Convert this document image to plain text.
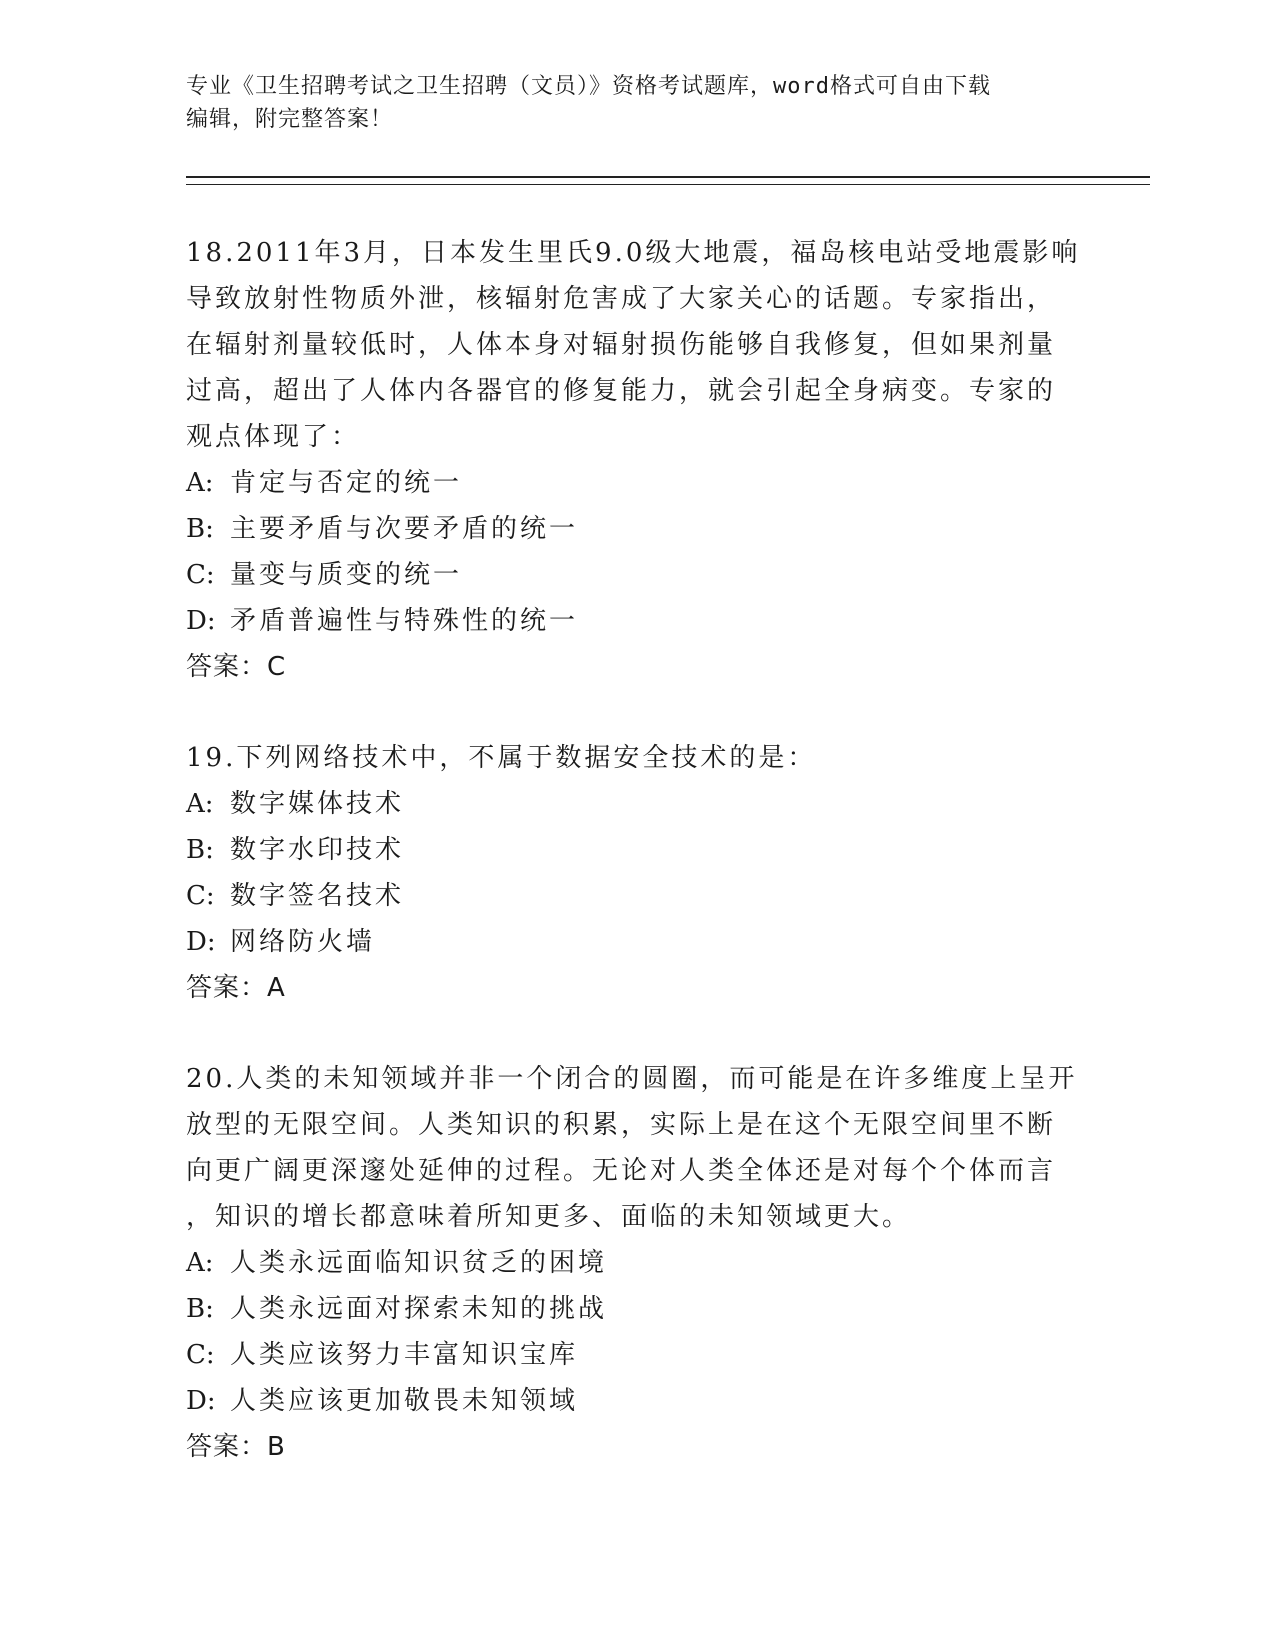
专业《卫生招聘考试之卫生招聘（文员）》资格考试题库，word格式可自由下载
编辑，附完整答案！

18.2011年3月，日本发生里氏9.0级大地震，福岛核电站受地震影响
导致放射性物质外泄，核辐射危害成了大家关心的话题。专家指出，
在辐射剂量较低时，人体本身对辐射损伤能够自我修复，但如果剂量
过高，超出了人体内各器官的修复能力，就会引起全身病变。专家的
观点体现了：

A: 肯定与否定的统一

B: 主要矛盾与次要矛盾的统一

C: 量变与质变的统一

D: 矛盾普遍性与特殊性的统一

答案：C

19.下列网络技术中，不属于数据安全技术的是：

A: 数字媒体技术

B: 数字水印技术

C: 数字签名技术

D: 网络防火墙

答案：A

20.人类的未知领域并非一个闭合的圆圈，而可能是在许多维度上呈开
放型的无限空间。人类知识的积累，实际上是在这个无限空间里不断
向更广阔更深邃处延伸的过程。无论对人类全体还是对每个个体而言
，知识的增长都意味着所知更多、面临的未知领域更大。

A: 人类永远面临知识贫乏的困境

B: 人类永远面对探索未知的挑战

C: 人类应该努力丰富知识宝库

D: 人类应该更加敬畏未知领域

答案：B
